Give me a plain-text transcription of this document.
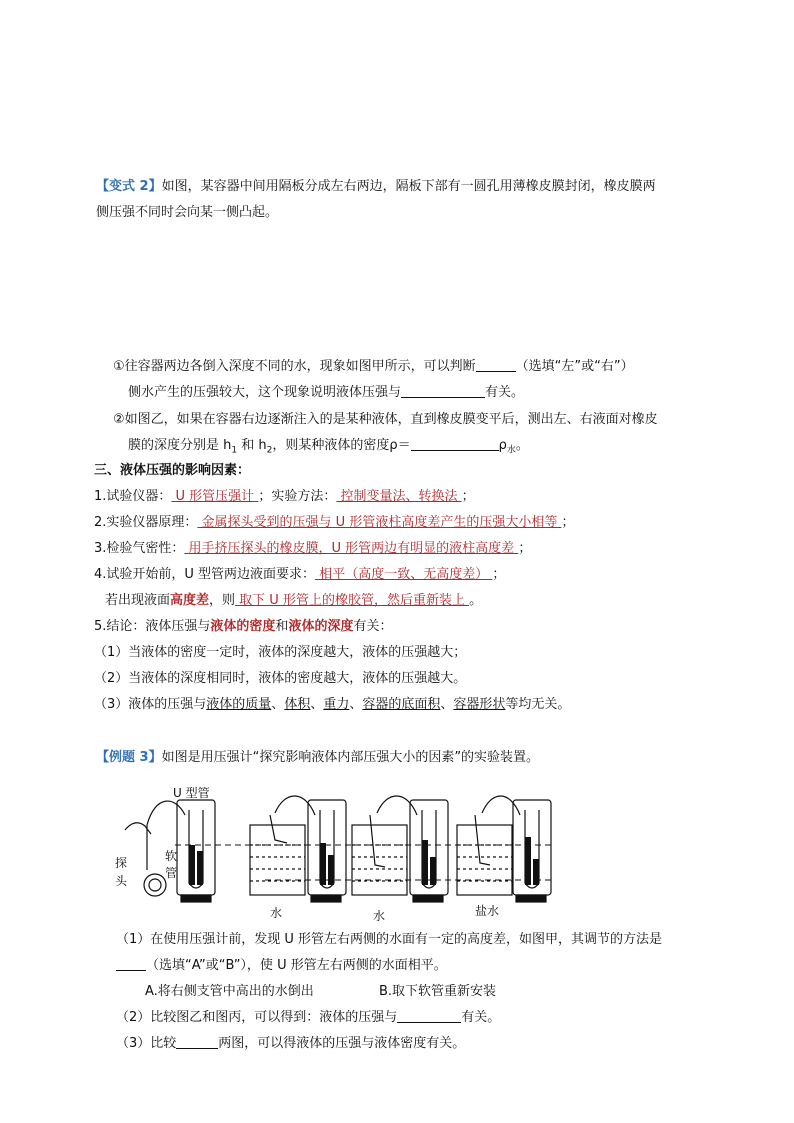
【变式 2】如图，某容器中间用隔板分成左右两边，隔板下部有一圆孔用薄橡皮膜封闭，橡皮膜两
侧压强不同时会向某一侧凸起。
①往容器两边各倒入深度不同的水，现象如图甲所示，可以判断	（选填“左”或“右”）
侧水产生的压强较大，这个现象说明液体压强与	有关。
②如图乙，如果在容器右边逐渐注入的是某种液体，直到橡皮膜变平后，测出左、右液面对橡皮
膜的深度分别是 $h_1$ 和 $h_2$，则某种液体的密度ρ＝	$\rho_水$。
三、液体压强的影响因素：
1.试验仪器： U 形管压强计 ；实验方法： 控制变量法、转换法 ；
2.实验仪器原理： 金属探头受到的压强与 U 形管液柱高度差产生的压强大小相等 ；
3.检验气密性： 用手挤压探头的橡皮膜，U 形管两边有明显的液柱高度差 ；
4.试验开始前，U 型管两边液面要求： 相平（高度一致、无高度差） ；
若出现液面高度差，则 取下 U 形管上的橡胶管，然后重新装上 。
5.结论：液体压强与液体的密度和液体的深度有关：
（1）当液体的密度一定时，液体的深度越大，液体的压强越大；
（2）当液体的深度相同时，液体的密度越大，液体的压强越大。
（3）液体的压强与液体的质量、体积、重力、容器的底面积、容器形状等均无关。
【例题 3】如图是用压强计“探究影响液体内部压强大小的因素”的实验装置。
U 型管
软
管
探
头
水	水	盐水
（1）在使用压强计前，发现 U 形管左右两侧的水面有一定的高度差，如图甲，其调节的方法是
（选填“A”或“B”），使 U 形管左右两侧的水面相平。
A.将右侧支管中高出的水倒出	B.取下软管重新安装
（2）比较图乙和图丙，可以得到：液体的压强与	有关。
（3）比较	两图，可以得液体的压强与液体密度有关。
